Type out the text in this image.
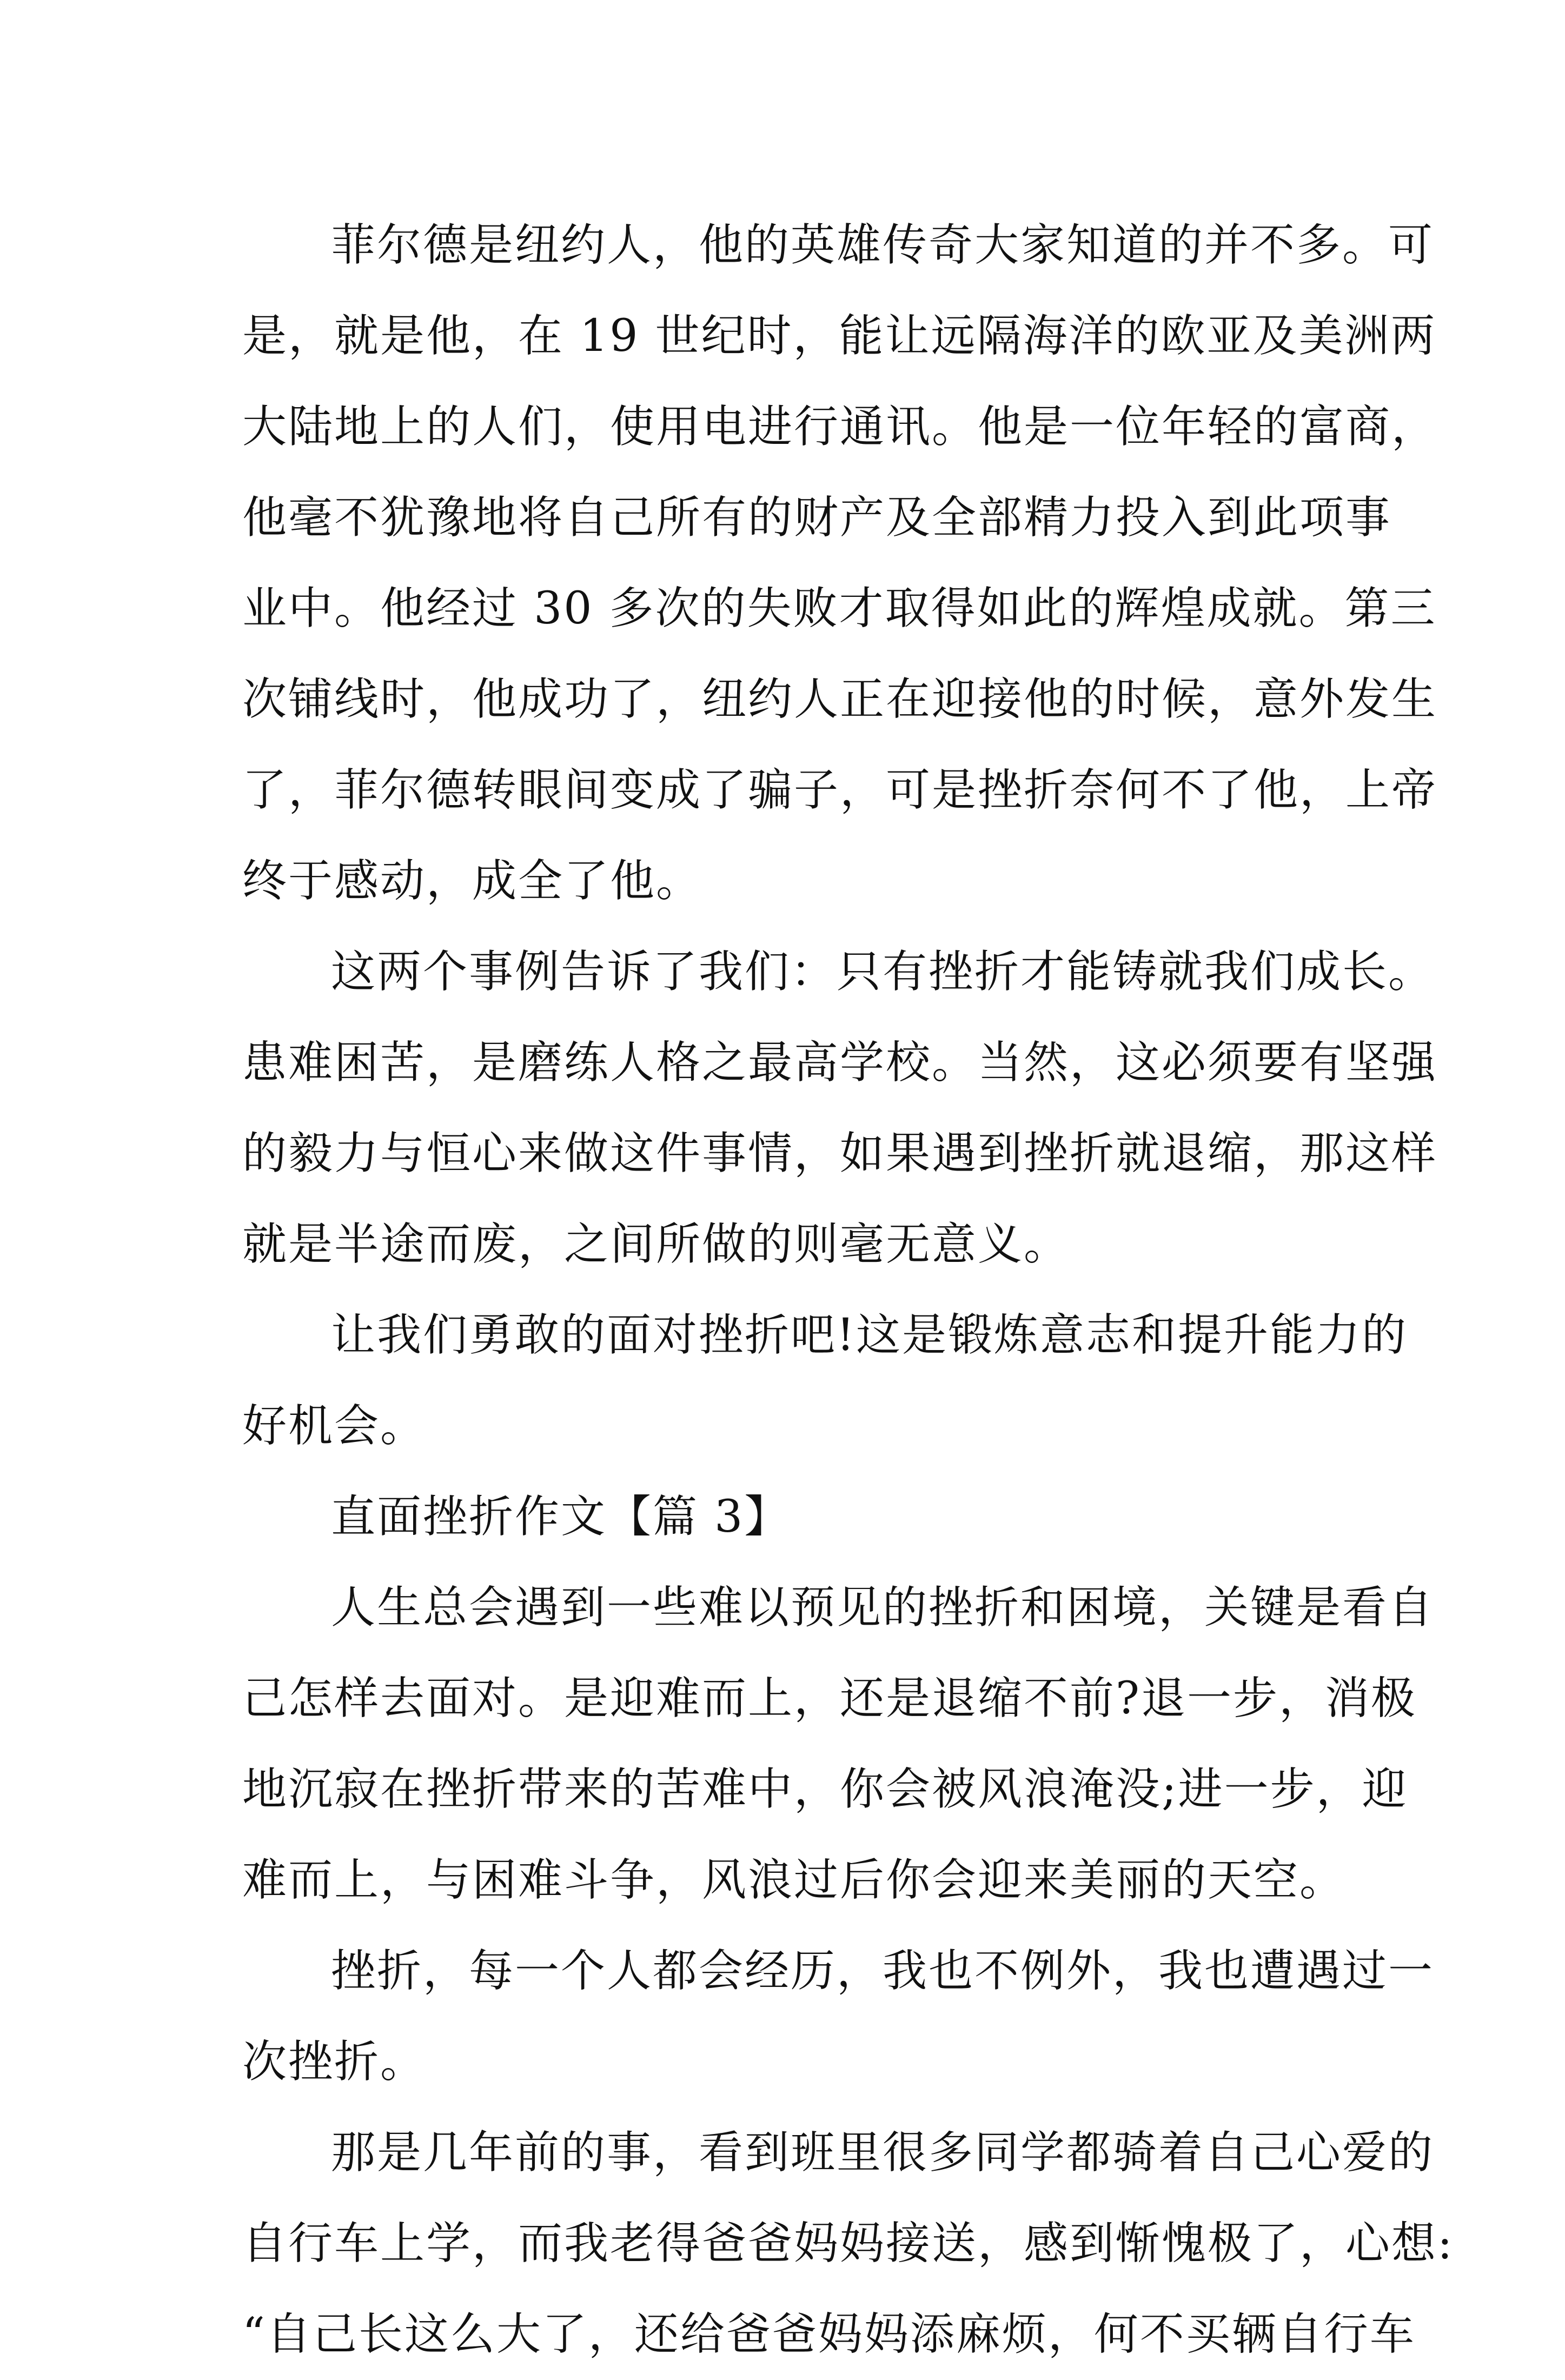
菲尔德是纽约人，他的英雄传奇大家知道的并不多。可
是，就是他，在 19 世纪时，能让远隔海洋的欧亚及美洲两
大陆地上的人们，使用电进行通讯。他是一位年轻的富商，
他毫不犹豫地将自己所有的财产及全部精力投入到此项事
业中。他经过 30 多次的失败才取得如此的辉煌成就。第三
次铺线时，他成功了，纽约人正在迎接他的时候，意外发生
了，菲尔德转眼间变成了骗子，可是挫折奈何不了他，上帝
终于感动，成全了他。
这两个事例告诉了我们：只有挫折才能铸就我们成长。
患难困苦，是磨练人格之最高学校。当然，这必须要有坚强
的毅力与恒心来做这件事情，如果遇到挫折就退缩，那这样
就是半途而废，之间所做的则毫无意义。
让我们勇敢的面对挫折吧!这是锻炼意志和提升能力的
好机会。
直面挫折作文【篇 3】
人生总会遇到一些难以预见的挫折和困境，关键是看自
己怎样去面对。是迎难而上，还是退缩不前?退一步，消极
地沉寂在挫折带来的苦难中，你会被风浪淹没;进一步，迎
难而上，与困难斗争，风浪过后你会迎来美丽的天空。
挫折，每一个人都会经历，我也不例外，我也遭遇过一
次挫折。
那是几年前的事，看到班里很多同学都骑着自己心爱的
自行车上学，而我老得爸爸妈妈接送，感到惭愧极了，心想:
“自己长这么大了，还给爸爸妈妈添麻烦，何不买辆自行车
